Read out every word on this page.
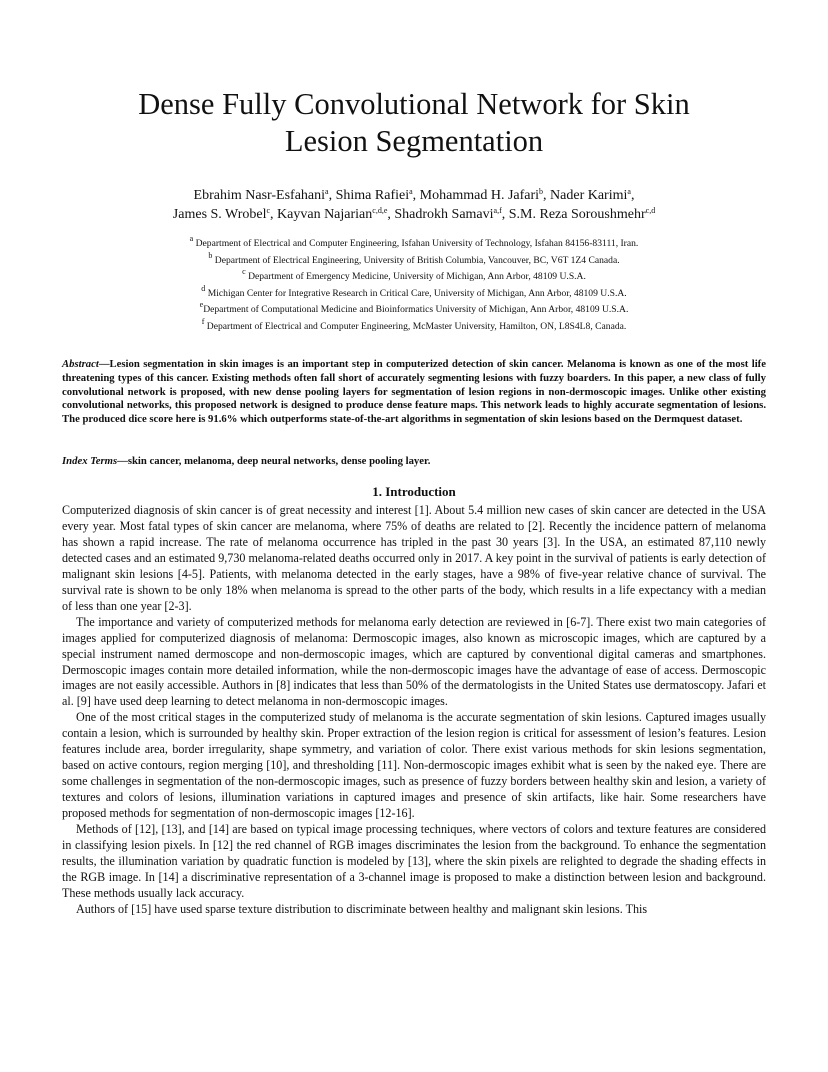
Dense Fully Convolutional Network for Skin
Lesion Segmentation
Ebrahim Nasr-Esfahani$^a$, Shima Rafiei$^a$, Mohammad H. Jafari$^b$, Nader Karimi$^a$,
James S. Wrobel$^c$, Kayvan Najarian$^{c,d,e}$, Shadrokh Samavi$^{a,f}$, S.M. Reza Soroushmehr$^{c,d}$
$^a$ Department of Electrical and Computer Engineering, Isfahan University of Technology, Isfahan 84156-83111, Iran.
$^b$ Department of Electrical Engineering, University of British Columbia, Vancouver, BC, V6T 1Z4 Canada.
$^c$ Department of Emergency Medicine, University of Michigan, Ann Arbor, 48109 U.S.A.
$^d$ Michigan Center for Integrative Research in Critical Care, University of Michigan, Ann Arbor, 48109 U.S.A.
$^e$Department of Computational Medicine and Bioinformatics University of Michigan, Ann Arbor, 48109 U.S.A.
$^f$ Department of Electrical and Computer Engineering, McMaster University, Hamilton, ON, L8S4L8, Canada.
Abstract—Lesion segmentation in skin images is an important step in computerized detection of skin cancer. Melanoma is known as one of the most life threatening types of this cancer. Existing methods often fall short of accurately segmenting lesions with fuzzy boarders. In this paper, a new class of fully convolutional network is proposed, with new dense pooling layers for segmentation of lesion regions in non-dermoscopic images. Unlike other existing convolutional networks, this proposed network is designed to produce dense feature maps. This network leads to highly accurate segmentation of lesions. The produced dice score here is 91.6% which outperforms state-of-the-art algorithms in segmentation of skin lesions based on the Dermquest dataset.
Index Terms—skin cancer, melanoma, deep neural networks, dense pooling layer.
1. Introduction

Computerized diagnosis of skin cancer is of great necessity and interest [1]. About 5.4 million new cases of skin cancer are detected in the USA every year. Most fatal types of skin cancer are melanoma, where 75% of deaths are related to [2]. Recently the incidence pattern of melanoma has shown a rapid increase. The rate of melanoma occurrence has tripled in the past 30 years [3]. In the USA, an estimated 87,110 newly detected cases and an estimated 9,730 melanoma-related deaths occurred only in 2017. A key point in the survival of patients is early detection of malignant skin lesions [4-5]. Patients, with melanoma detected in the early stages, have a 98% of five-year relative chance of survival. The survival rate is shown to be only 18% when melanoma is spread to the other parts of the body, which results in a life expectancy with a median of less than one year [2-3].

The importance and variety of computerized methods for melanoma early detection are reviewed in [6-7]. There exist two main categories of images applied for computerized diagnosis of melanoma: Dermoscopic images, also known as microscopic images, which are captured by a special instrument named dermoscope and non-dermoscopic images, which are captured by conventional digital cameras and smartphones. Dermoscopic images contain more detailed information, while the non-dermoscopic images have the advantage of ease of access. Dermoscopic images are not easily accessible. Authors in [8] indicates that less than 50% of the dermatologists in the United States use dermatoscopy. Jafari et al. [9] have used deep learning to detect melanoma in non-dermoscopic images.

One of the most critical stages in the computerized study of melanoma is the accurate segmentation of skin lesions. Captured images usually contain a lesion, which is surrounded by healthy skin. Proper extraction of the lesion region is critical for assessment of lesion’s features. Lesion features include area, border irregularity, shape symmetry, and variation of color. There exist various methods for skin lesions segmentation, based on active contours, region merging [10], and thresholding [11]. Non-dermoscopic images exhibit what is seen by the naked eye. There are some challenges in segmentation of the non-dermoscopic images, such as presence of fuzzy borders between healthy skin and lesion, a variety of textures and colors of lesions, illumination variations in captured images and presence of skin artifacts, like hair. Some researchers have proposed methods for segmentation of non-dermoscopic images [12-16].

Methods of [12], [13], and [14] are based on typical image processing techniques, where vectors of colors and texture features are considered in classifying lesion pixels. In [12] the red channel of RGB images discriminates the lesion from the background. To enhance the segmentation results, the illumination variation by quadratic function is modeled by [13], where the skin pixels are relighted to degrade the shading effects in the RGB image. In [14] a discriminative representation of a 3-channel image is proposed to make a distinction between lesion and background. These methods usually lack accuracy.

Authors of [15] have used sparse texture distribution to discriminate between healthy and malignant skin lesions. This
